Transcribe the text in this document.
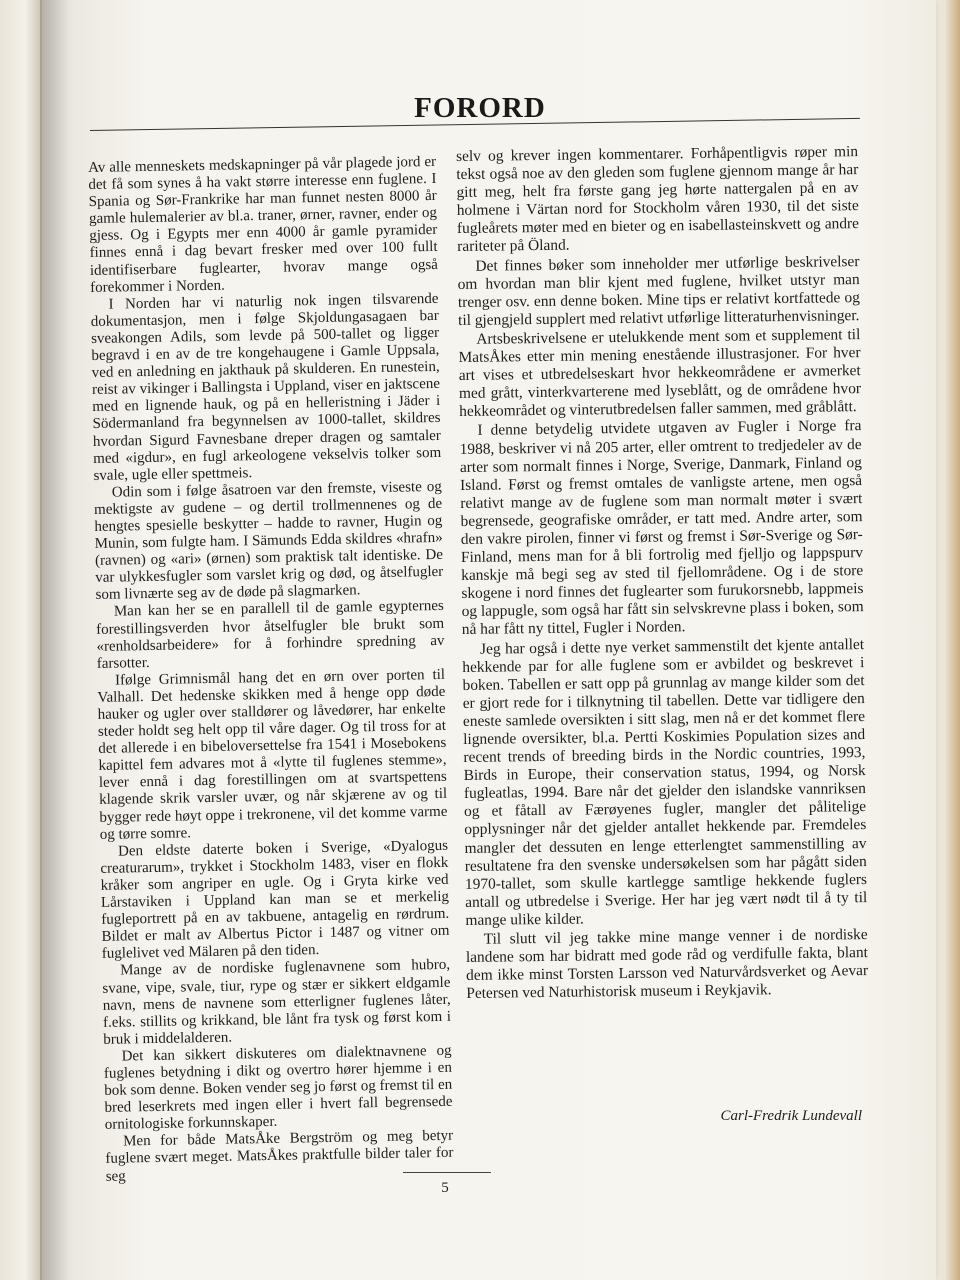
FORORD

Av alle menneskets medskapninger på vår plagede jord er det få som synes å ha vakt større interesse enn fuglene. I Spania og Sør-Frankrike har man funnet nesten 8000 år gamle hulemalerier av bl.a. traner, ørner, ravner, ender og gjess. Og i Egypts mer enn 4000 år gamle pyramider finnes ennå i dag bevart fresker med over 100 fullt identifiserbare fuglearter, hvorav mange også forekommer i Norden.

I Norden har vi naturlig nok ingen tilsvarende dokumentasjon, men i følge Skjoldungasagaen bar sveakongen Adils, som levde på 500-tallet og ligger begravd i en av de tre kongehaugene i Gamle Uppsala, ved en anledning en jakthauk på skulderen. En runestein, reist av vikinger i Ballingsta i Uppland, viser en jaktscene med en lignende hauk, og på en helleristning i Jäder i Södermanland fra begynnelsen av 1000-tallet, skildres hvordan Sigurd Favnesbane dreper dragen og samtaler med «igdur», en fugl arkeologene vekselvis tolker som svale, ugle eller spettmeis.

Odin som i følge åsatroen var den fremste, viseste og mektigste av gudene – og dertil trollmennenes og de hengtes spesielle beskytter – hadde to ravner, Hugin og Munin, som fulgte ham. I Sämunds Edda skildres «hrafn» (ravnen) og «ari» (ørnen) som praktisk talt identiske. De var ulykkesfugler som varslet krig og død, og åtselfugler som livnærte seg av de døde på slagmarken.

Man kan her se en parallell til de gamle egypternes forestillingsverden hvor åtselfugler ble brukt som «renholdsarbeidere» for å forhindre spredning av farsotter.

Ifølge Grimnismål hang det en ørn over porten til Valhall. Det hedenske skikken med å henge opp døde hauker og ugler over stalldører og låvedører, har enkelte steder holdt seg helt opp til våre dager. Og til tross for at det allerede i en bibeloversettelse fra 1541 i Mosebokens kapittel fem advares mot å «lytte til fuglenes stemme», lever ennå i dag forestillingen om at svartspettens klagende skrik varsler uvær, og når skjærene av og til bygger rede høyt oppe i trekronene, vil det komme varme og tørre somre.

Den eldste daterte boken i Sverige, «Dyalogus creaturarum», trykket i Stockholm 1483, viser en flokk kråker som angriper en ugle. Og i Gryta kirke ved Lårstaviken i Uppland kan man se et merkelig fugleportrett på en av takbuene, antagelig en rørdrum. Bildet er malt av Albertus Pictor i 1487 og vitner om fuglelivet ved Mälaren på den tiden.

Mange av de nordiske fuglenavnene som hubro, svane, vipe, svale, tiur, rype og stær er sikkert eldgamle navn, mens de navnene som etterligner fuglenes låter, f.eks. stillits og krikkand, ble lånt fra tysk og først kom i bruk i middelalderen.

Det kan sikkert diskuteres om dialektnavnene og fuglenes betydning i dikt og overtro hører hjemme i en bok som denne. Boken vender seg jo først og fremst til en bred leserkrets med ingen eller i hvert fall begrensede ornitologiske forkunnskaper.

Men for både MatsÅke Bergström og meg betyr fuglene svært meget. MatsÅkes praktfulle bilder taler for seg

selv og krever ingen kommentarer. Forhåpentligvis røper min tekst også noe av den gleden som fuglene gjennom mange år har gitt meg, helt fra første gang jeg hørte nattergalen på en av holmene i Värtan nord for Stockholm våren 1930, til det siste fugleårets møter med en bieter og en isabellasteinskvett og andre rariteter på Öland.

Det finnes bøker som inneholder mer utførlige beskrivelser om hvordan man blir kjent med fuglene, hvilket utstyr man trenger osv. enn denne boken. Mine tips er relativt kortfattede og til gjengjeld supplert med relativt utførlige litteraturhenvisninger.

Artsbeskrivelsene er utelukkende ment som et supplement til MatsÅkes etter min mening enestående illustrasjoner. For hver art vises et utbredelseskart hvor hekkeområdene er avmerket med grått, vinterkvarterene med lyseblått, og de områdene hvor hekkeområdet og vinterutbredelsen faller sammen, med gråblått.

I denne betydelig utvidete utgaven av Fugler i Norge fra 1988, beskriver vi nå 205 arter, eller omtrent to tredjedeler av de arter som normalt finnes i Norge, Sverige, Danmark, Finland og Island. Først og fremst omtales de vanligste artene, men også relativt mange av de fuglene som man normalt møter i svært begrensede, geografiske områder, er tatt med. Andre arter, som den vakre pirolen, finner vi først og fremst i Sør-Sverige og Sør-Finland, mens man for å bli fortrolig med fjelljo og lappspurv kanskje må begi seg av sted til fjellområdene. Og i de store skogene i nord finnes det fuglearter som furukorsnebb, lappmeis og lappugle, som også har fått sin selvskrevne plass i boken, som nå har fått ny tittel, Fugler i Norden.

Jeg har også i dette nye verket sammenstilt det kjente antallet hekkende par for alle fuglene som er avbildet og beskrevet i boken. Tabellen er satt opp på grunnlag av mange kilder som det er gjort rede for i tilknytning til tabellen. Dette var tidligere den eneste samlede oversikten i sitt slag, men nå er det kommet flere lignende oversikter, bl.a. Pertti Koskimies Population sizes and recent trends of breeding birds in the Nordic countries, 1993, Birds in Europe, their conservation status, 1994, og Norsk fugleatlas, 1994. Bare når det gjelder den islandske vannriksen og et fåtall av Færøyenes fugler, mangler det pålitelige opplysninger når det gjelder antallet hekkende par. Fremdeles mangler det dessuten en lenge etterlengtet sammenstilling av resultatene fra den svenske undersøkelsen som har pågått siden 1970-tallet, som skulle kartlegge samtlige hekkende fuglers antall og utbredelse i Sverige. Her har jeg vært nødt til å ty til mange ulike kilder.

Til slutt vil jeg takke mine mange venner i de nordiske landene som har bidratt med gode råd og verdifulle fakta, blant dem ikke minst Torsten Larsson ved Naturvårdsverket og Aevar Petersen ved Naturhistorisk museum i Reykjavik.

Carl-Fredrik Lundevall
5
